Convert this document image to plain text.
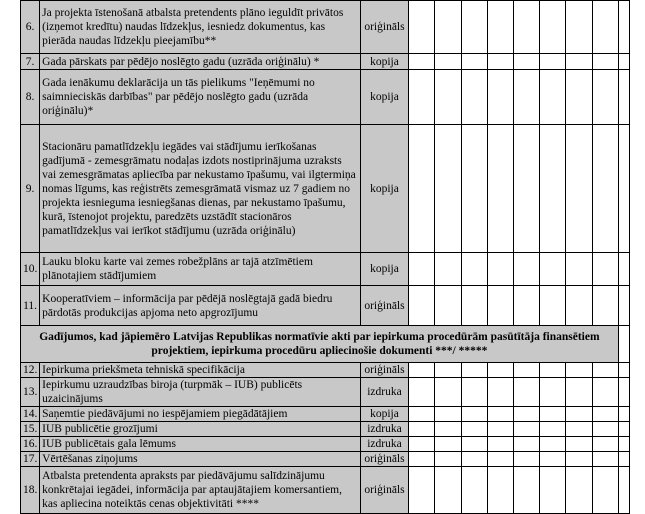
6.	Ja projekta īstenošanā atbalsta pretendents plāno ieguldīt privātos (izņemot kredītu) naudas līdzekļus, iesniedz dokumentus, kas pierāda naudas līdzekļu pieejamību**	oriģināls									
7.	Gada pārskats par pēdējo noslēgto gadu (uzrāda oriģinālu) *	kopija									
8.	Gada ienākumu deklarācija un tās pielikums "Ieņēmumi no saimnieciskās darbības" par pēdējo noslēgto gadu (uzrāda oriģinālu)*	kopija									
9.	Stacionāru pamatlīdzekļu iegādes vai stādījumu ierīkošanas gadījumā - zemesgrāmatu nodaļas izdots nostiprinājuma uzraksts vai zemesgrāmatas apliecība par nekustamo īpašumu, vai ilgtermiņa nomas līgums, kas reģistrēts zemesgrāmatā vismaz uz 7 gadiem no projekta iesnieguma iesniegšanas dienas, par nekustamo īpašumu, kurā, īstenojot projektu, paredzēts uzstādīt stacionāros pamatlīdzekļus vai ierīkot stādījumu (uzrāda oriģinālu)	kopija									
10.	Lauku bloku karte vai zemes robežplāns ar tajā atzīmētiem plānotajiem stādījumiem	kopija									
11.	Kooperatīviem – informācija par pēdējā noslēgtajā gadā biedru pārdotās produkcijas apjoma neto apgrozījumu	oriģināls									
Gadījumos, kad jāpiemēro Latvijas Republikas normatīvie akti par iepirkuma procedūrām pasūtītāja finansētiem projektiem, iepirkuma procedūru apliecinošie dokumenti ***/ *****											
12.	Iepirkuma priekšmeta tehniskā specifikācija	oriģināls									
13.	Iepirkumu uzraudzības biroja (turpmāk – IUB) publicēts uzaicinājums	izdruka									
14.	Saņemtie piedāvājumi no iespējamiem piegādātājiem	kopija									
15.	IUB publicētie grozījumi	izdruka									
16.	IUB publicētais gala lēmums	izdruka									
17.	Vērtēšanas ziņojums	oriģināls									
18.	Atbalsta pretendenta apraksts par piedāvājumu salīdzinājumu konkrētajai iegādei, informācija par aptaujātajiem komersantiem, kas apliecina noteiktās cenas objektivitāti ****	oriģināls									
